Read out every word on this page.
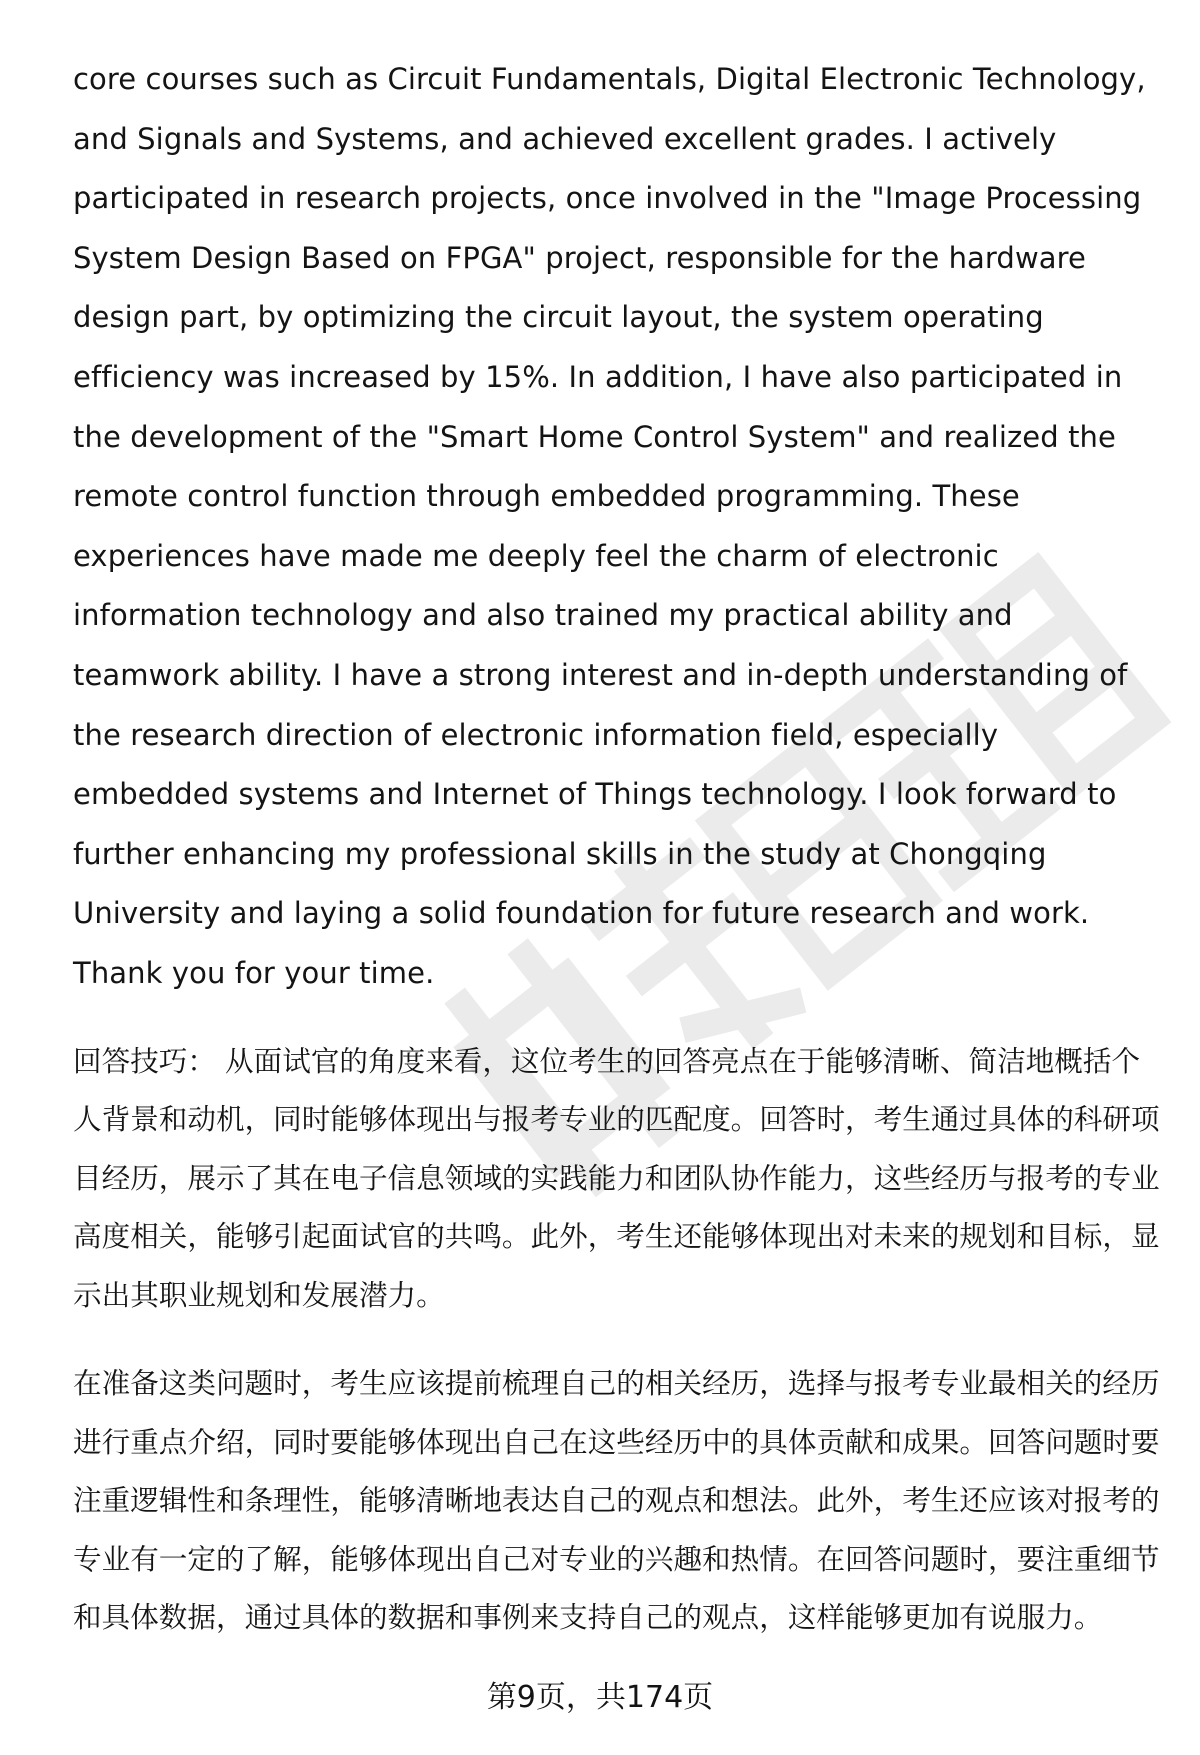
core courses such as Circuit Fundamentals, Digital Electronic Technology, and Signals and Systems, and achieved excellent grades. I actively participated in research projects, once involved in the "Image Processing System Design Based on FPGA" project, responsible for the hardware design part, by optimizing the circuit layout, the system operating efficiency was increased by 15%. In addition, I have also participated in the development of the "Smart Home Control System" and realized the remote control function through embedded programming. These experiences have made me deeply feel the charm of electronic information technology and also trained my practical ability and teamwork ability. I have a strong interest and in-depth understanding of the research direction of electronic information field, especially embedded systems and Internet of Things technology. I look forward to further enhancing my professional skills in the study at Chongqing University and laying a solid foundation for future research and work. Thank you for your time.

回答技巧： 从面试官的角度来看，这位考生的回答亮点在于能够清晰、简洁地概括个人背景和动机，同时能够体现出与报考专业的匹配度。回答时，考生通过具体的科研项目经历，展示了其在电子信息领域的实践能力和团队协作能力，这些经历与报考的专业高度相关，能够引起面试官的共鸣。此外，考生还能够体现出对未来的规划和目标，显示出其职业规划和发展潜力。

在准备这类问题时，考生应该提前梳理自己的相关经历，选择与报考专业最相关的经历进行重点介绍，同时要能够体现出自己在这些经历中的具体贡献和成果。回答问题时要注重逻辑性和条理性，能够清晰地表达自己的观点和想法。此外，考生还应该对报考的专业有一定的了解，能够体现出自己对专业的兴趣和热情。在回答问题时，要注重细节和具体数据，通过具体的数据和事例来支持自己的观点，这样能够更加有说服力。

第9页，共174页
